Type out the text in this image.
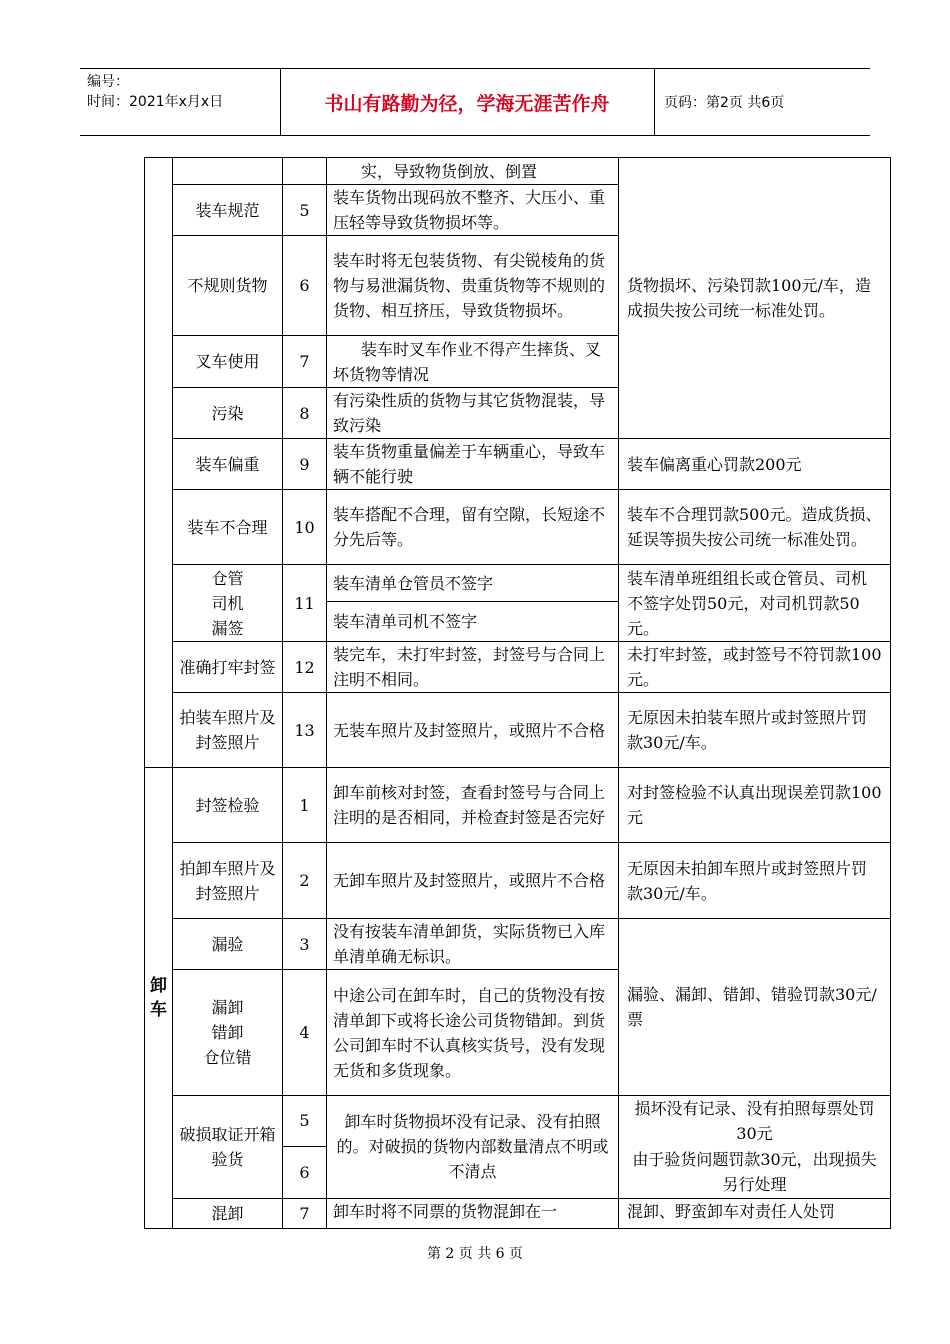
编号：
时间：2021年x月x日	书山有路勤为径，学海无涯苦作舟	页码：第2页 共6页
			实，导致物货倒放、倒置	货物损坏、污染罚款100元/车，造成损失按公司统一标准处罚。
	装车规范	5	装车货物出现码放不整齐、大压小、重压轻等导致货物损坏等。	
	不规则货物	6	装车时将无包装货物、有尖锐棱角的货物与易泄漏货物、贵重货物等不规则的货物、相互挤压，导致货物损坏。	
	叉车使用	7	装车时叉车作业不得产生摔货、叉坏货物等情况	
	污染	8	有污染性质的货物与其它货物混装，导致污染	
	装车偏重	9	装车货物重量偏差于车辆重心，导致车辆不能行驶	装车偏离重心罚款200元
	装车不合理	10	装车搭配不合理，留有空隙，长短途不分先后等。	装车不合理罚款500元。造成货损、延误等损失按公司统一标准处罚。
	仓管
司机
漏签	11	装车清单仓管员不签字	装车清单班组组长或仓管员、司机不签字处罚50元，对司机罚款50元。
			装车清单司机不签字	
	准确打牢封签	12	装完车，未打牢封签，封签号与合同上注明不相同。	未打牢封签，或封签号不符罚款100元。
	拍装车照片及封签照片	13	无装车照片及封签照片，或照片不合格	无原因未拍装车照片或封签照片罚款30元/车。
卸车	封签检验	1	卸车前核对封签，查看封签号与合同上注明的是否相同，并检查封签是否完好	对封签检验不认真出现误差罚款100元
	拍卸车照片及封签照片	2	无卸车照片及封签照片，或照片不合格	无原因未拍卸车照片或封签照片罚款30元/车。
	漏验	3	没有按装车清单卸货，实际货物已入库单清单确无标识。	漏验、漏卸、错卸、错验罚款30元/票
	漏卸
错卸
仓位错	4	中途公司在卸车时，自己的货物没有按清单卸下或将长途公司货物错卸。到货公司卸车时不认真核实货号，没有发现无货和多货现象。	
	破损取证开箱验货	5	卸车时货物损坏没有记录、没有拍照的。对破损的货物内部数量清点不明或不清点	损坏没有记录、没有拍照每票处罚30元
		6		由于验货问题罚款30元，出现损失另行处理
	混卸	7	卸车时将不同票的货物混卸在一	混卸、野蛮卸车对责任人处罚
第 2 页 共 6 页
